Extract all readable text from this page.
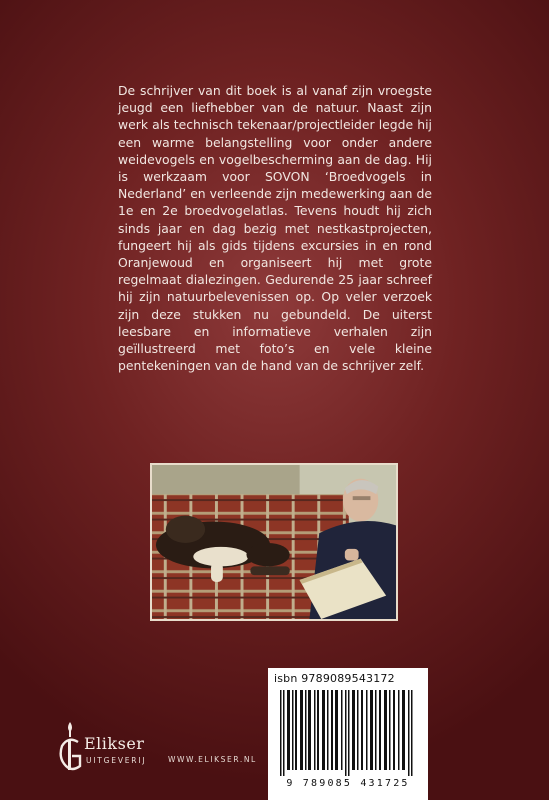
De schrijver van dit boek is al vanaf zijn vroegste jeugd een liefhebber van de natuur. Naast zijn werk als technisch tekenaar/projectleider legde hij een warme belangstelling voor onder andere weidevogels en vogelbescherming aan de dag. Hij is werkzaam voor SOVON ‘Broedvogels in Nederland’ en verleende zijn medewerking aan de 1e en 2e broedvogelatlas. Tevens houdt hij zich sinds jaar en dag bezig met nestkastprojecten, fungeert hij als gids tijdens excursies in en rond Oranjewoud en organiseert hij met grote regelmaat dialezingen. Gedurende 25 jaar schreef hij zijn natuurbelevenissen op. Op veler verzoek zijn deze stukken nu gebundeld. De uiterst leesbare en informatieve verhalen zijn geïllustreerd met foto’s en vele kleine pentekeningen van de hand van de schrijver zelf.

isbn 9789089543172
9 789085 431725
Elikser
UITGEVERIJ	WWW.ELIKSER.NL
